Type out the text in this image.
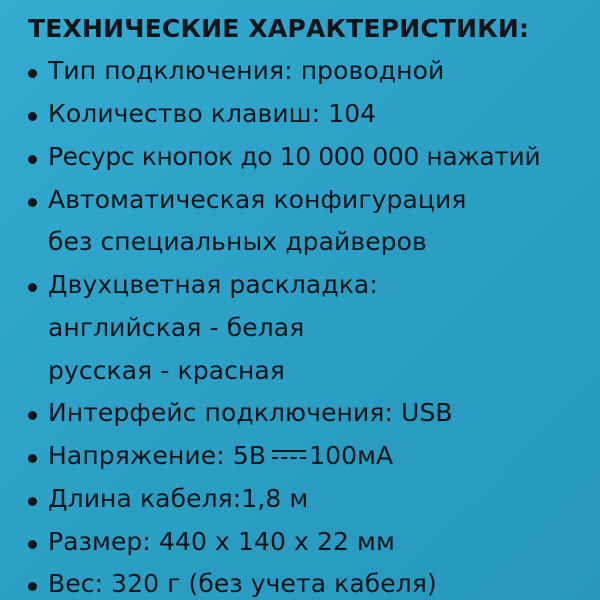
ТЕХНИЧЕСКИЕ ХАРАКТЕРИСТИКИ:
Тип подключения: проводной
Количество клавиш: 104
Ресурс кнопок до 10 000 000 нажатий
Автоматическая конфигурация
без специальных драйверов
Двухцветная раскладка:
английская - белая
русская - красная
Интерфейс подключения: USB
Напряжение: 5В 100мА
Длина кабеля:1,8 м
Размер: 440 х 140 х 22 мм
Вес: 320 г (без учета кабеля)
